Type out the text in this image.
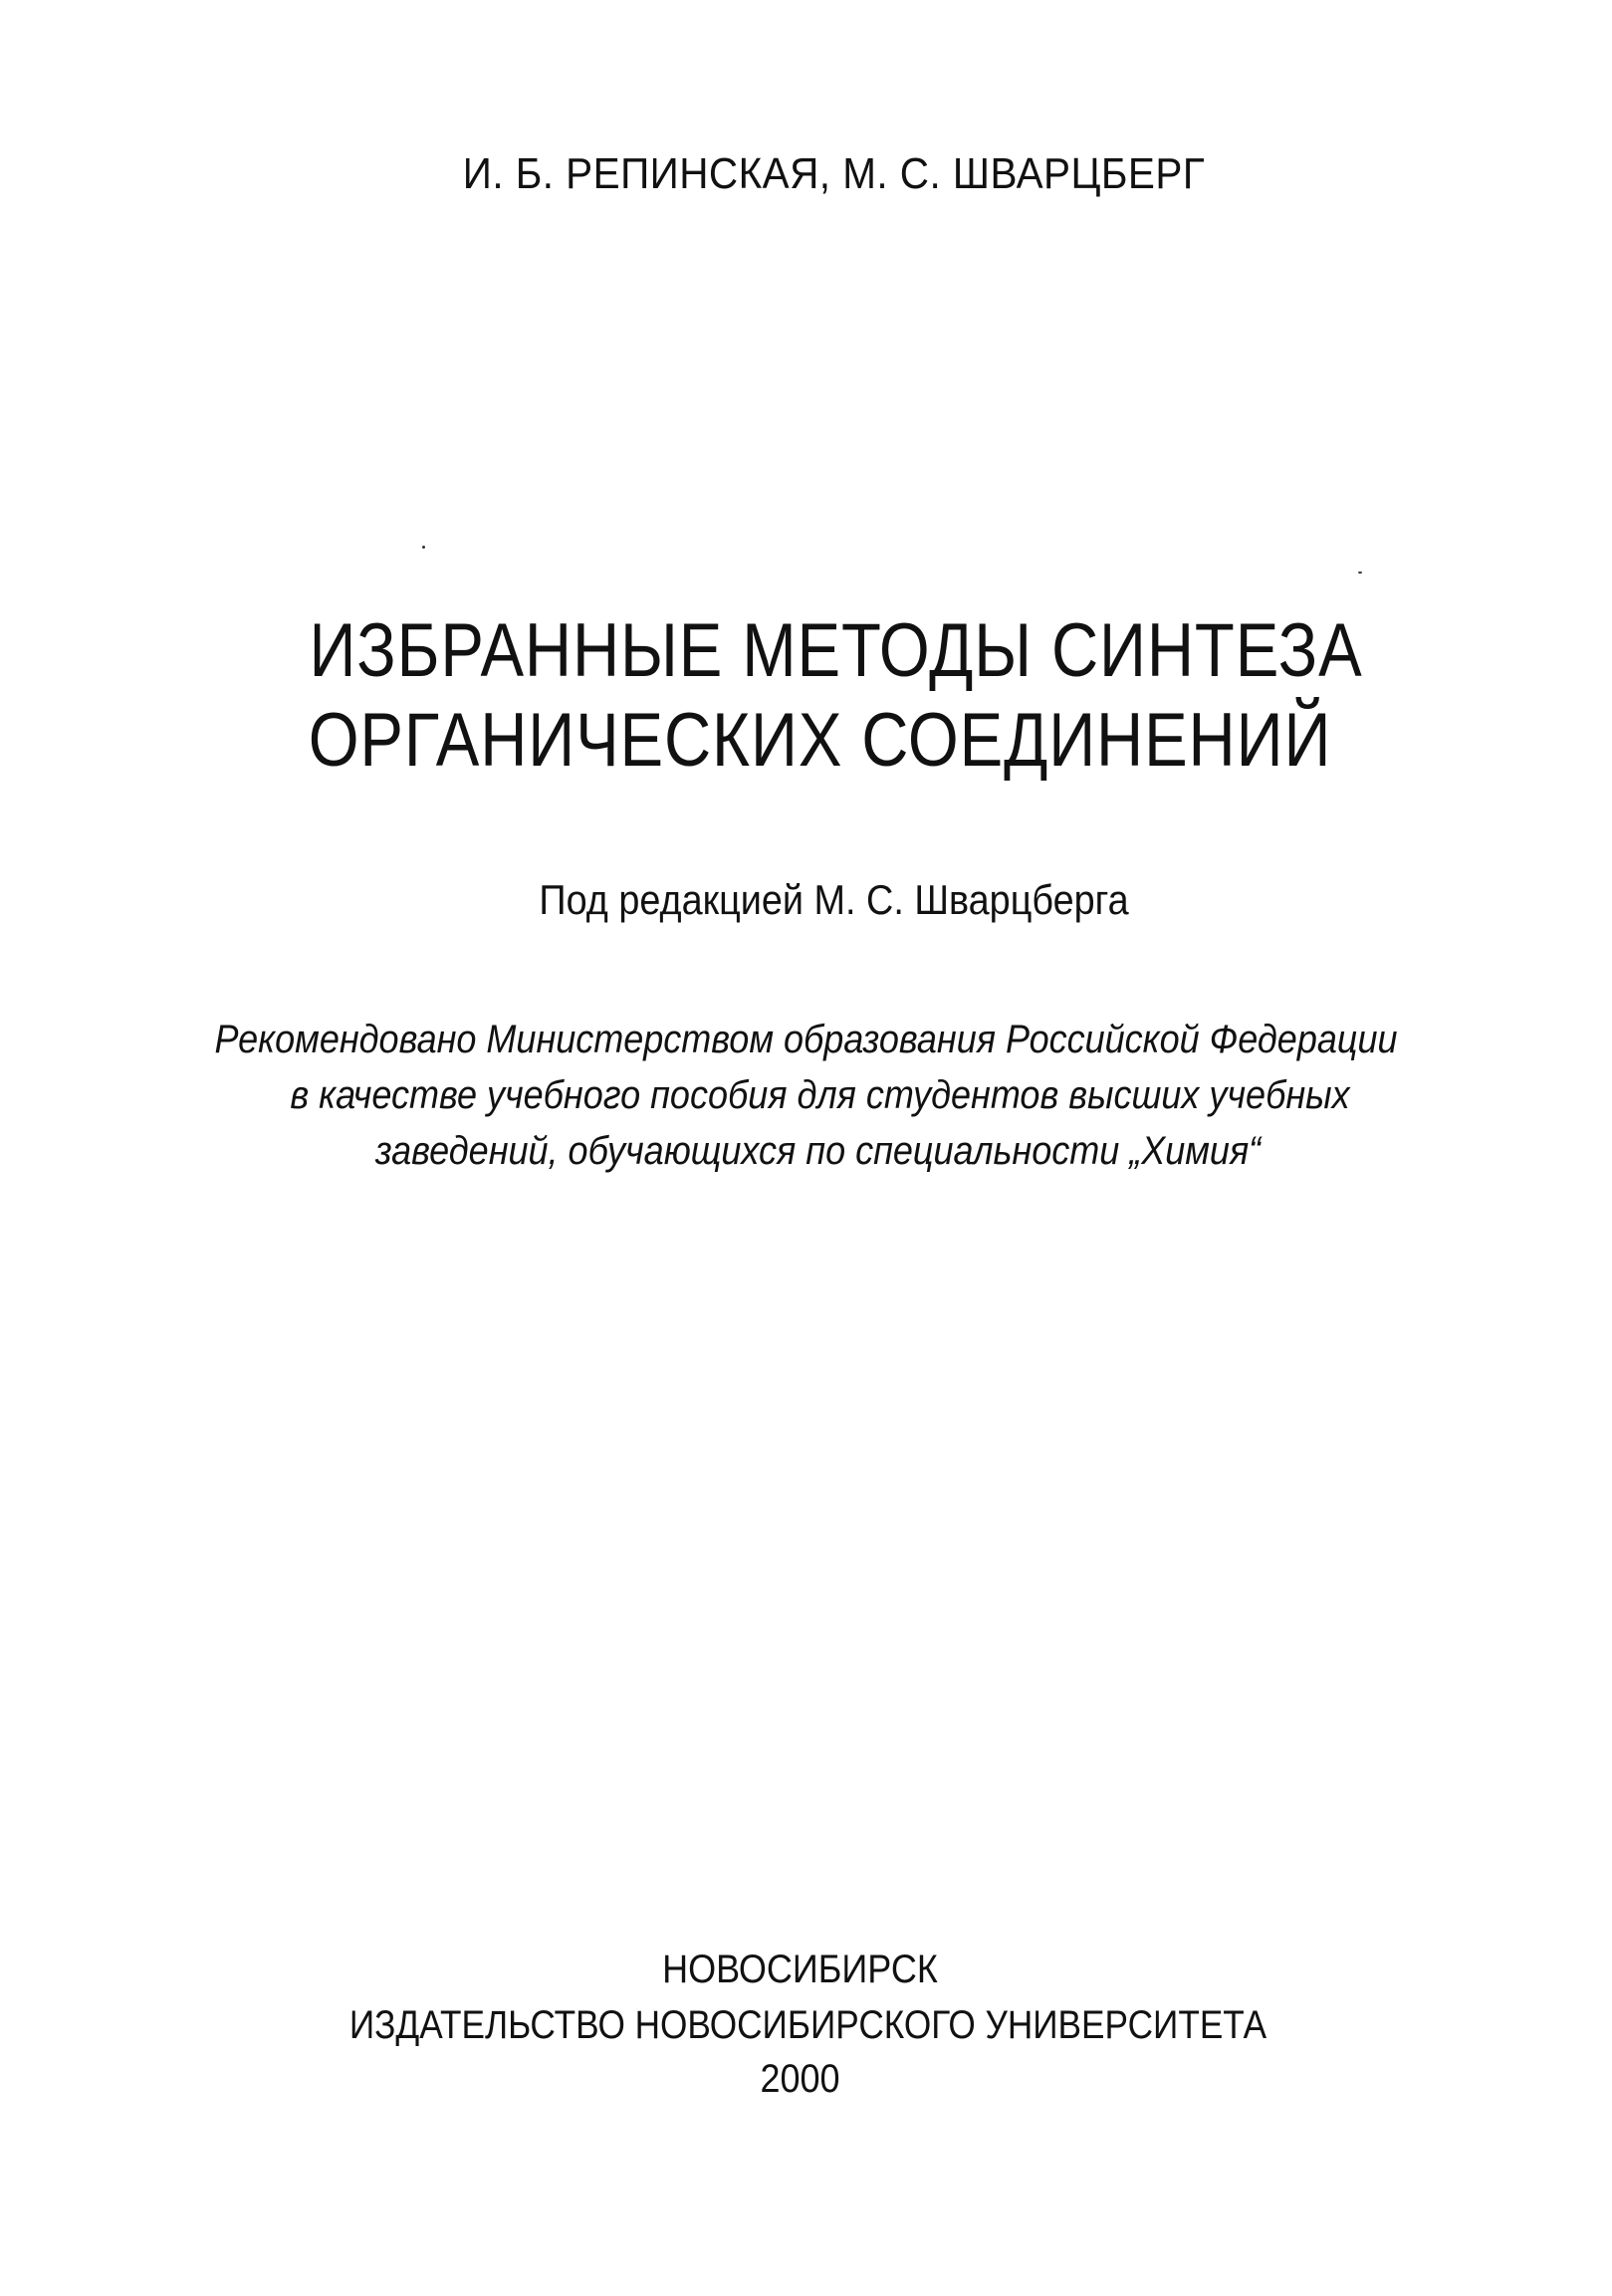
И. Б. РЕПИНСКАЯ, М. С. ШВАРЦБЕРГ
ИЗБРАННЫЕ МЕТОДЫ СИНТЕЗА
ОРГАНИЧЕСКИХ СОЕДИНЕНИЙ
Под редакцией М. С. Шварцберга
Рекомендовано Министерством образования Российской Федерации
в качестве учебного пособия для студентов высших учебных
заведений, обучающихся по специальности „Химия“
НОВОСИБИРСК
ИЗДАТЕЛЬСТВО НОВОСИБИРСКОГО УНИВЕРСИТЕТА
2000
